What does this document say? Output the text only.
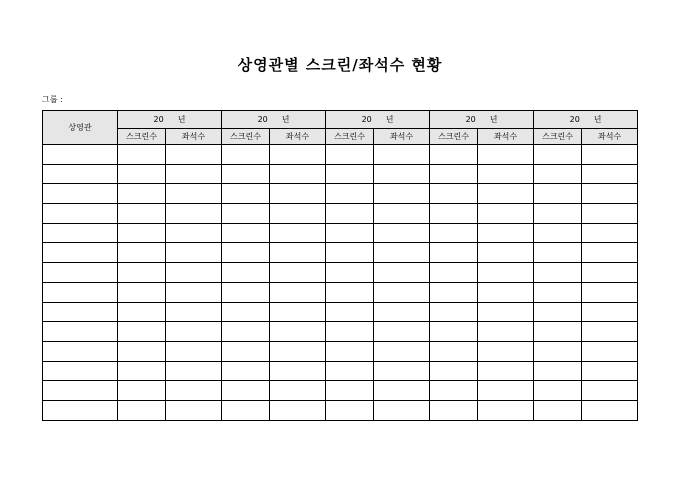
상영관별 스크린/좌석수 현황
그룹 :
상영관	20 년		20 년		20 년		20 년		20 년	
	스크린수	좌석수	스크린수	좌석수	스크린수	좌석수	스크린수	좌석수	스크린수	좌석수
